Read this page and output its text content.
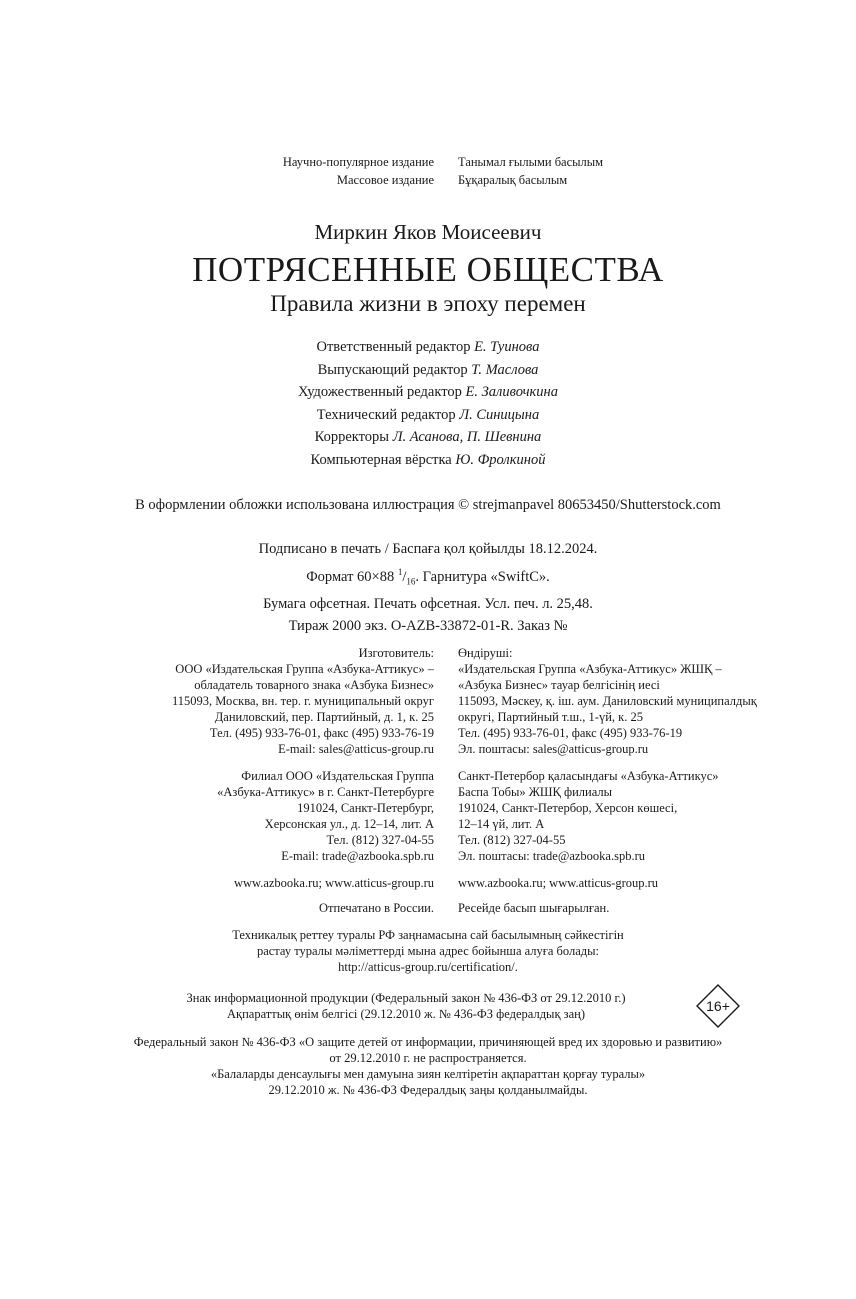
Научно-популярное издание
Массовое издание
Танымал ғылыми басылым
Бұқаралық басылым
Миркин Яков Моисеевич
ПОТРЯСЕННЫЕ ОБЩЕСТВА
Правила жизни в эпоху перемен
Ответственный редактор Е. Туинова
Выпускающий редактор Т. Маслова
Художественный редактор Е. Заливочкина
Технический редактор Л. Синицына
Корректоры Л. Асанова, П. Шевнина
Компьютерная вёрстка Ю. Фролкиной
В оформлении обложки использована иллюстрация © strejmanpavel 80653450/Shutterstock.com
Подписано в печать / Баспаға қол қойылды 18.12.2024.
Формат 60×88 $^1/_{16}$. Гарнитура «SwiftC».
Бумага офсетная. Печать офсетная. Усл. печ. л. 25,48.
Тираж 2000 экз. O-AZB-33872-01-R. Заказ №
Изготовитель:
ООО «Издательская Группа «Азбука-Аттикус» –
обладатель товарного знака «Азбука Бизнес»
115093, Москва, вн. тер. г. муниципальный округ
Даниловский, пер. Партийный, д. 1, к. 25
Тел. (495) 933-76-01, факс (495) 933-76-19
E-mail: sales@atticus-group.ru
Өндіруші:
«Издательская Группа «Азбука-Аттикус» ЖШҚ –
«Азбука Бизнес» тауар белгісінің иесі
115093, Мәскеу, қ. іш. аум. Даниловский муниципалдық
округі, Партийный т.ш., 1-үй, к. 25
Тел. (495) 933-76-01, факс (495) 933-76-19
Эл. поштасы: sales@atticus-group.ru
Филиал ООО «Издательская Группа
«Азбука-Аттикус» в г. Санкт-Петербурге
191024, Санкт-Петербург,
Херсонская ул., д. 12–14, лит. А
Тел. (812) 327-04-55
E-mail: trade@azbooka.spb.ru
Санкт-Петербор қаласындағы «Азбука-Аттикус»
Баспа Тобы» ЖШҚ филиалы
191024, Санкт-Петербор, Херсон көшесі,
12–14 үй, лит. А
Тел. (812) 327-04-55
Эл. поштасы: trade@azbooka.spb.ru
www.azbooka.ru; www.atticus-group.ru www.azbooka.ru; www.atticus-group.ru
Отпечатано в России. Ресейде басып шығарылған.
Техникалық реттеу туралы РФ заңнамасына сай басылымның сәйкестігін
растау туралы мәліметтерді мына адрес бойынша алуға болады:
http://atticus-group.ru/certification/.
Знак информационной продукции (Федеральный закон № 436-ФЗ от 29.12.2010 г.)
Ақпараттық өнім белгісі (29.12.2010 ж. № 436-ФЗ федералдық заң)	16+
Федеральный закон № 436-ФЗ «О защите детей от информации, причиняющей вред их здоровью и развитию»
от 29.12.2010 г. не распространяется.
«Балаларды денсаулығы мен дамуына зиян келтіретін ақпараттан қорғау туралы»
29.12.2010 ж. № 436-ФЗ Федералдық заңы қолданылмайды.
